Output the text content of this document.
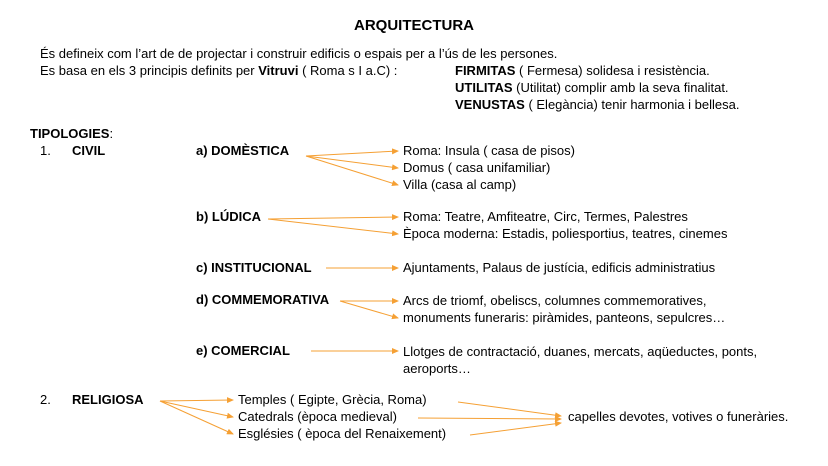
ARQUITECTURA
És defineix com l’art de de projectar i construir edificis o espais per a l’ús de les persones.
Es basa en els 3 principis definits per Vitruvi ( Roma s I a.C) :	FIRMITAS ( Fermesa) solidesa i resistència.
UTILITAS (Utilitat) complir amb la seva finalitat.
VENUSTAS ( Elegància) tenir harmonia i bellesa.
TIPOLOGIES:
1. CIVIL	a) DOMÈSTICA	Roma: Insula ( casa de pisos)
Domus ( casa unifamiliar)
Villa (casa al camp)
b) LÚDICA	Roma: Teatre, Amfiteatre, Circ, Termes, Palestres
Època moderna: Estadis, poliesportius, teatres, cinemes
c) INSTITUCIONAL	Ajuntaments, Palaus de justícia, edificis administratius
d) COMMEMORATIVA	Arcs de triomf, obeliscs, columnes commemoratives,
monuments funeraris: piràmides, panteons, sepulcres…
e) COMERCIAL	Llotges de contractació, duanes, mercats, aqüeductes, ponts,
aeroports…
2. RELIGIOSA	Temples ( Egipte, Grècia, Roma)
Catedrals (època medieval)
Esglésies ( època del Renaixement)
capelles devotes, votives o funeràries.
